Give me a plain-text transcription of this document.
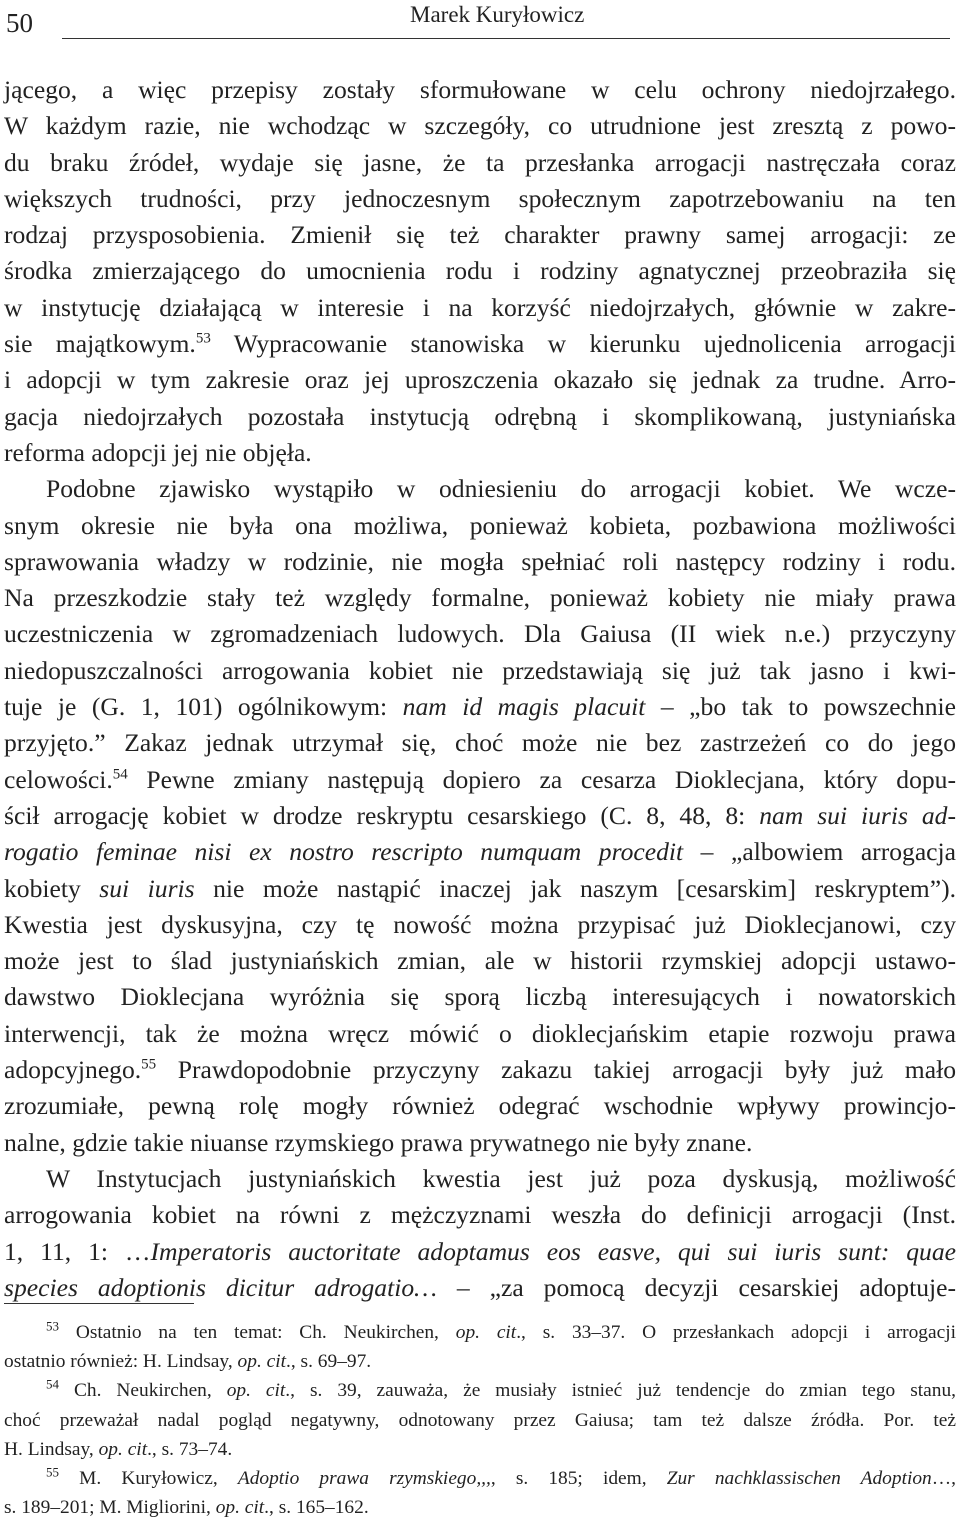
50	Marek Kuryłowicz

jącego, a więc przepisy zostały sformułowane w celu ochrony niedojrzałego.

W każdym razie, nie wchodząc w szczegóły, co utrudnione jest zresztą z powo-

du braku źródeł, wydaje się jasne, że ta przesłanka arrogacji nastręczała coraz

większych trudności, przy jednoczesnym społecznym zapotrzebowaniu na ten

rodzaj przysposobienia. Zmienił się też charakter prawny samej arrogacji: ze

środka zmierzającego do umocnienia rodu i rodziny agnatycznej przeobraziła się

w instytucję działającą w interesie i na korzyść niedojrzałych, głównie w zakre-

sie majątkowym.$^{53}$ Wypracowanie stanowiska w kierunku ujednolicenia arrogacji

i adopcji w tym zakresie oraz jej uproszczenia okazało się jednak za trudne. Arro-

gacja niedojrzałych pozostała instytucją odrębną i skomplikowaną, justyniańska

reforma adopcji jej nie objęła.

Podobne zjawisko wystąpiło w odniesieniu do arrogacji kobiet. We wcze-

snym okresie nie była ona możliwa, ponieważ kobieta, pozbawiona możliwości

sprawowania władzy w rodzinie, nie mogła spełniać roli następcy rodziny i rodu.

Na przeszkodzie stały też względy formalne, ponieważ kobiety nie miały prawa

uczestniczenia w zgromadzeniach ludowych. Dla Gaiusa (II wiek n.e.) przyczyny

niedopuszczalności arrogowania kobiet nie przedstawiają się już tak jasno i kwi-

tuje je (G. 1, 101) ogólnikowym: nam id magis placuit – „bo tak to powszechnie

przyjęto.” Zakaz jednak utrzymał się, choć może nie bez zastrzeżeń co do jego

celowości.$^{54}$ Pewne zmiany następują dopiero za cesarza Dioklecjana, który dopu-

ścił arrogację kobiet w drodze reskryptu cesarskiego (C. 8, 48, 8: nam sui iuris ad-

rogatio feminae nisi ex nostro rescripto numquam procedit – „albowiem arrogacja

kobiety sui iuris nie może nastąpić inaczej jak naszym [cesarskim] reskryptem”).

Kwestia jest dyskusyjna, czy tę nowość można przypisać już Dioklecjanowi, czy

może jest to ślad justyniańskich zmian, ale w historii rzymskiej adopcji ustawo-

dawstwo Dioklecjana wyróżnia się sporą liczbą interesujących i nowatorskich

interwencji, tak że można wręcz mówić o dioklecjańskim etapie rozwoju prawa

adopcyjnego.$^{55}$ Prawdopodobnie przyczyny zakazu takiej arrogacji były już mało

zrozumiałe, pewną rolę mogły również odegrać wschodnie wpływy prowincjo-

nalne, gdzie takie niuanse rzymskiego prawa prywatnego nie były znane.

W Instytucjach justyniańskich kwestia jest już poza dyskusją, możliwość

arrogowania kobiet na równi z mężczyznami weszła do definicji arrogacji (Inst.

1, 11, 1: …Imperatoris auctoritate adoptamus eos easve, qui sui iuris sunt: quae

species adoptionis dicitur adrogatio… – „za pomocą decyzji cesarskiej adoptuje-

$^{53}$ Ostatnio na ten temat: Ch. Neukirchen, op. cit., s. 33–37. O przesłankach adopcji i arrogacji

ostatnio również: H. Lindsay, op. cit., s. 69–97.

$^{54}$ Ch. Neukirchen, op. cit., s. 39, zauważa, że musiały istnieć już tendencje do zmian tego stanu,

choć przeważał nadal pogląd negatywny, odnotowany przez Gaiusa; tam też dalsze źródła. Por. też

H. Lindsay, op. cit., s. 73–74.

$^{55}$ M. Kuryłowicz, Adoptio prawa rzymskiego,,,, s. 185; idem, Zur nachklassischen Adoption…,

s. 189–201; M. Migliorini, op. cit., s. 165–162.
